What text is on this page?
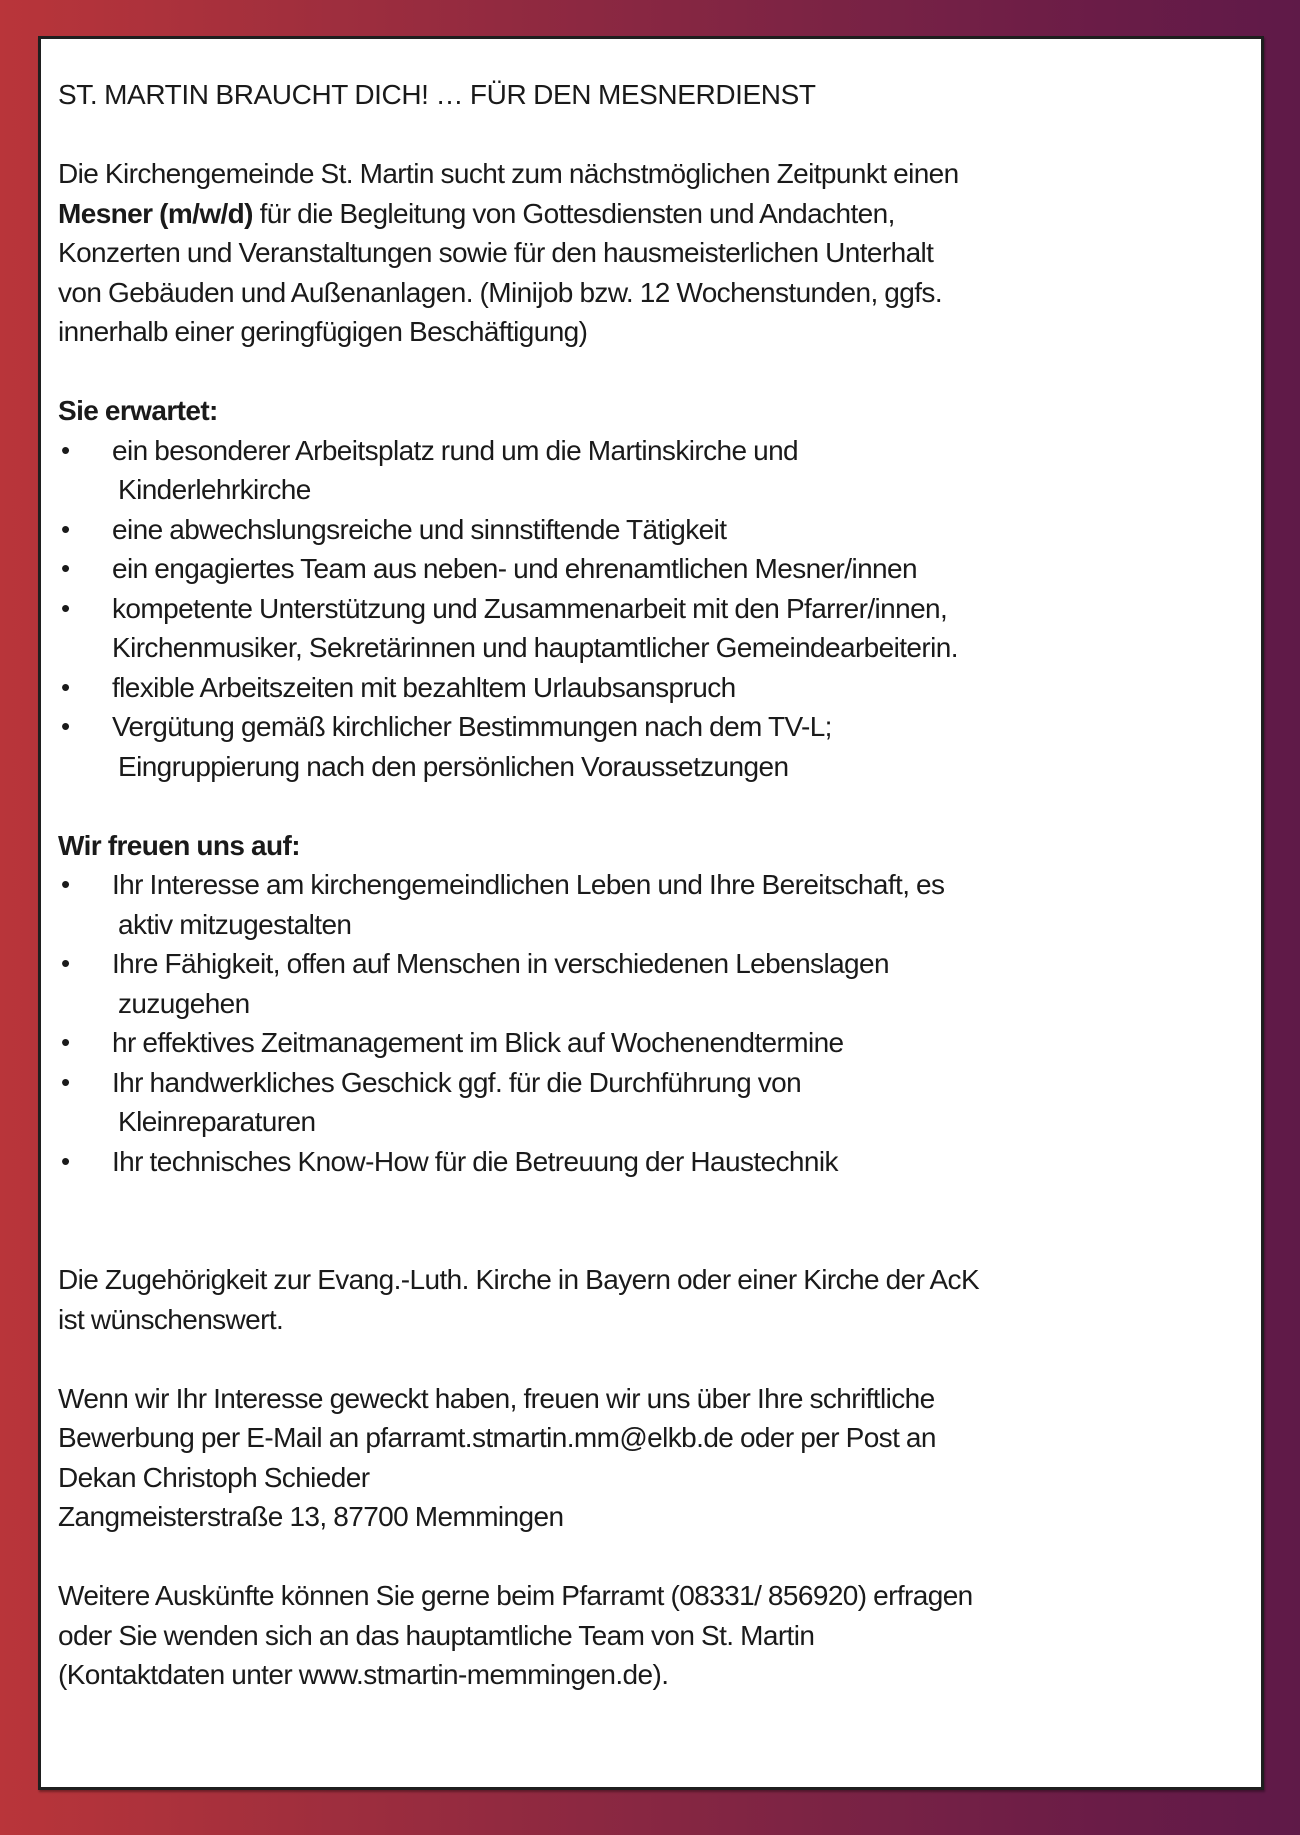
ST. MARTIN BRAUCHT DICH! … FÜR DEN MESNERDIENST

Die Kirchengemeinde St. Martin sucht zum nächstmöglichen Zeitpunkt einen
Mesner (m/w/d) für die Begleitung von Gottesdiensten und Andachten,
Konzerten und Veranstaltungen sowie für den hausmeisterlichen Unterhalt
von Gebäuden und Außenanlagen. (Minijob bzw. 12 Wochenstunden, ggfs.
innerhalb einer geringfügigen Beschäftigung)

Sie erwartet:

• ein besonderer Arbeitsplatz rund um die Martinskirche und
Kinderlehrkirche
• eine abwechslungsreiche und sinnstiftende Tätigkeit
• ein engagiertes Team aus neben- und ehrenamtlichen Mesner/innen
• kompetente Unterstützung und Zusammenarbeit mit den Pfarrer/innen,
Kirchenmusiker, Sekretärinnen und hauptamtlicher Gemeindearbeiterin.
• flexible Arbeitszeiten mit bezahltem Urlaubsanspruch
• Vergütung gemäß kirchlicher Bestimmungen nach dem TV-L;
Eingruppierung nach den persönlichen Voraussetzungen

Wir freuen uns auf:

• Ihr Interesse am kirchengemeindlichen Leben und Ihre Bereitschaft, es
aktiv mitzugestalten
• Ihre Fähigkeit, offen auf Menschen in verschiedenen Lebenslagen
zuzugehen
• hr effektives Zeitmanagement im Blick auf Wochenendtermine
• Ihr handwerkliches Geschick ggf. für die Durchführung von
Kleinreparaturen
• Ihr technisches Know-How für die Betreuung der Haustechnik
Die Zugehörigkeit zur Evang.-Luth. Kirche in Bayern oder einer Kirche der AcK
ist wünschenswert.
Wenn wir Ihr Interesse geweckt haben, freuen wir uns über Ihre schriftliche
Bewerbung per E-Mail an pfarramt.stmartin.mm@elkb.de oder per Post an
Dekan Christoph Schieder
Zangmeisterstraße 13, 87700 Memmingen
Weitere Auskünfte können Sie gerne beim Pfarramt (08331/ 856920) erfragen
oder Sie wenden sich an das hauptamtliche Team von St. Martin
(Kontaktdaten unter www.stmartin-memmingen.de).
